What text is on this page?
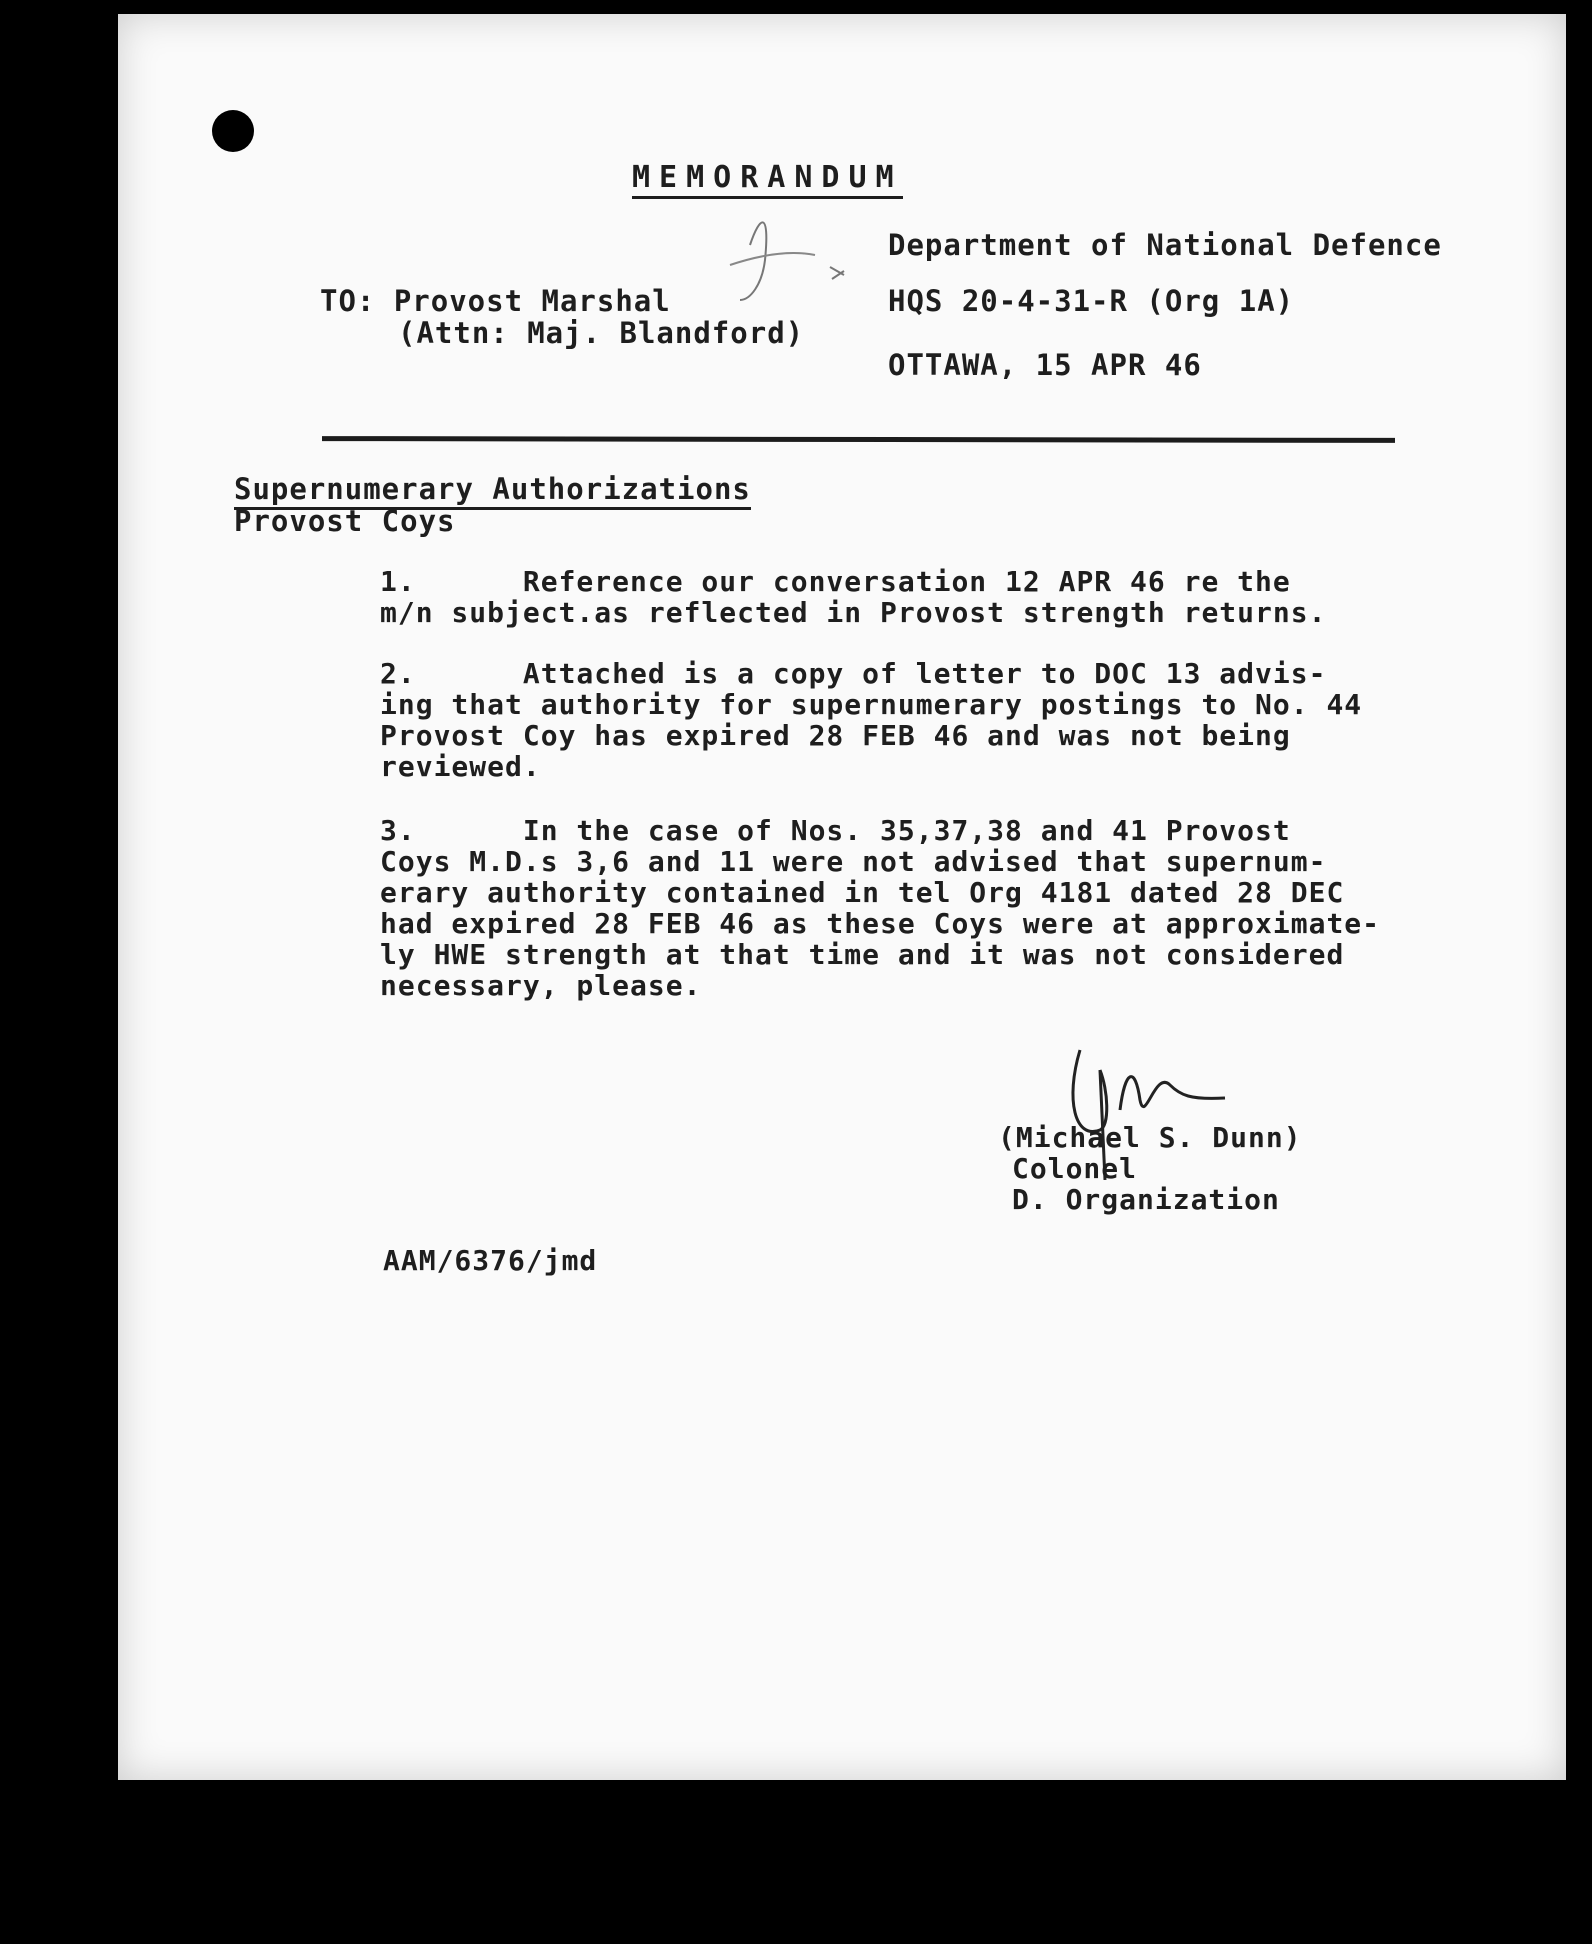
MEMORANDUM
Department of National Defence
TO: Provost Marshal	HQS 20-4-31-R (Org 1A)
(Attn: Maj. Blandford)
OTTAWA, 15 APR 46
Supernumerary Authorizations
Provost Coys
1.      Reference our conversation 12 APR 46 re the
m/n subject.as reflected in Provost strength returns.
2.      Attached is a copy of letter to DOC 13 advis-
ing that authority for supernumerary postings to No. 44
Provost Coy has expired 28 FEB 46 and was not being
reviewed.
3.      In the case of Nos. 35,37,38 and 41 Provost
Coys M.D.s 3,6 and 11 were not advised that supernum-
erary authority contained in tel Org 4181 dated 28 DEC
had expired 28 FEB 46 as these Coys were at approximate-
ly HWE strength at that time and it was not considered
necessary, please.
(Michael S. Dunn)
Colonel
D. Organization
AAM/6376/jmd
